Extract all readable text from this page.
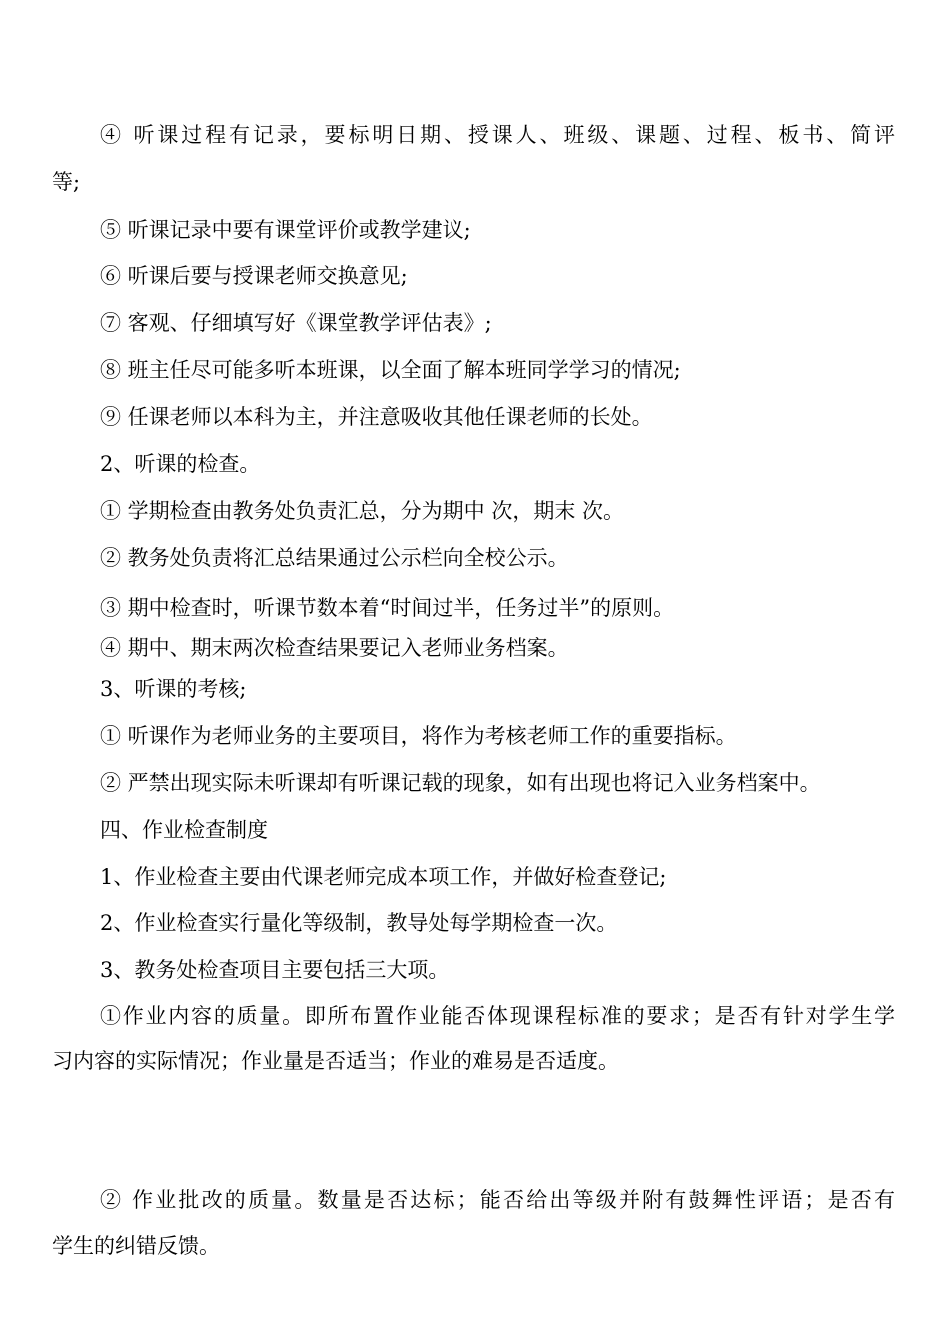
④ 听课过程有记录，要标明日期、授课人、班级、课题、过程、板书、简评
等;
⑤ 听课记录中要有课堂评价或教学建议;
⑥ 听课后要与授课老师交换意见;
⑦ 客观、仔细填写好《课堂教学评估表》;
⑧ 班主任尽可能多听本班课，以全面了解本班同学学习的情况;
⑨ 任课老师以本科为主，并注意吸收其他任课老师的长处。
2、听课的检查。
① 学期检查由教务处负责汇总，分为期中 次，期末 次。
② 教务处负责将汇总结果通过公示栏向全校公示。
③ 期中检查时，听课节数本着“时间过半，任务过半”的原则。
④ 期中、期末两次检查结果要记入老师业务档案。
3、听课的考核;
① 听课作为老师业务的主要项目，将作为考核老师工作的重要指标。
② 严禁出现实际未听课却有听课记载的现象，如有出现也将记入业务档案中。
四、作业检查制度
1、作业检查主要由代课老师完成本项工作，并做好检查登记;
2、作业检查实行量化等级制，教导处每学期检查一次。
3、教务处检查项目主要包括三大项。
①作业内容的质量。即所布置作业能否体现课程标准的要求；是否有针对学生学
习内容的实际情况；作业量是否适当；作业的难易是否适度。
② 作业批改的质量。数量是否达标；能否给出等级并附有鼓舞性评语；是否有
学生的纠错反馈。
